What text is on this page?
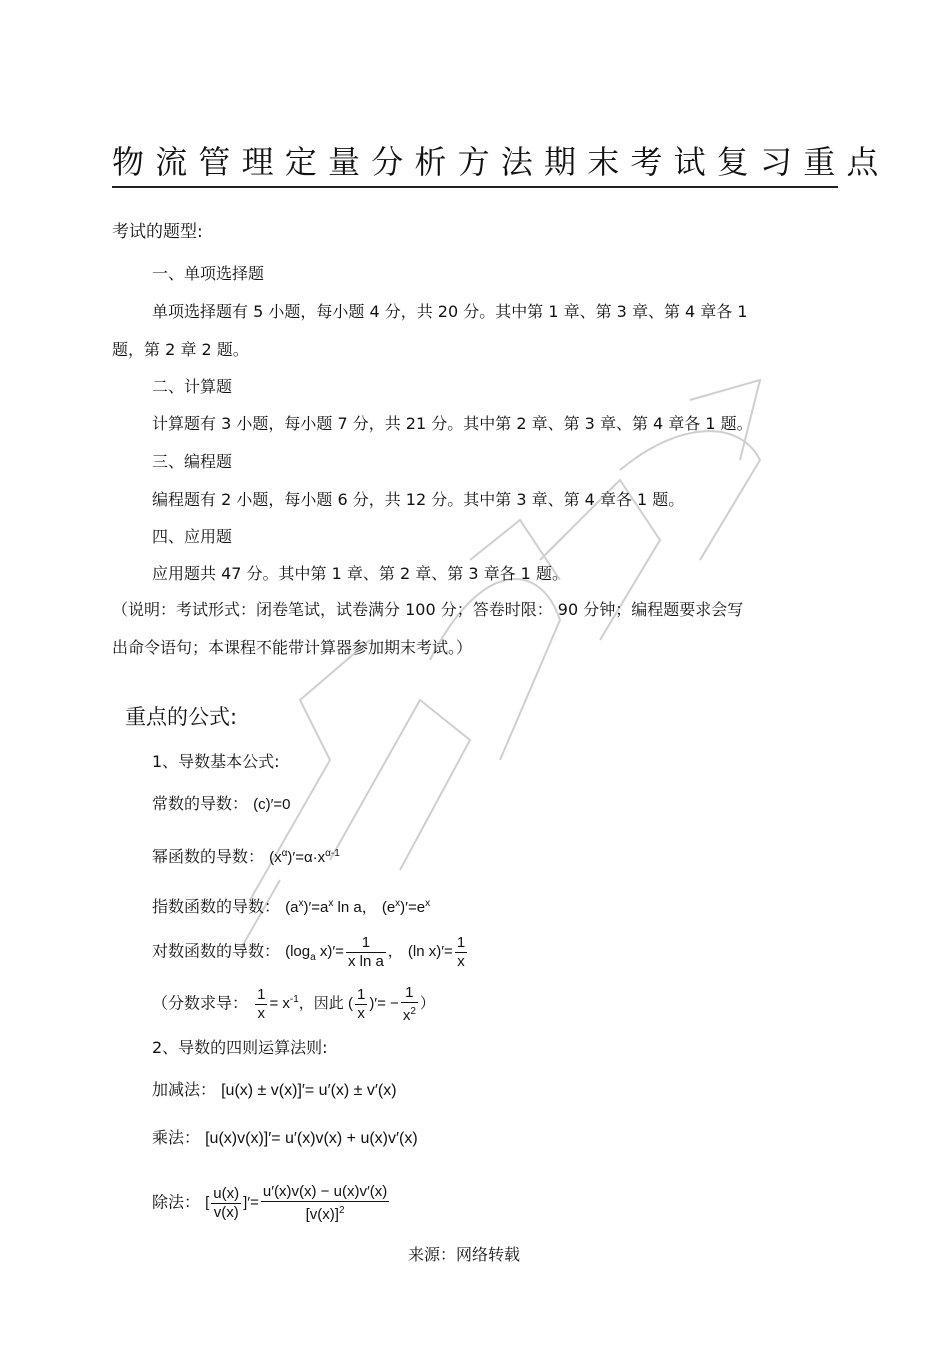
物流管理定量分析方法期末考试复习重点
考试的题型:
一、单项选择题
单项选择题有 5 小题，每小题 4 分，共 20 分。其中第 1 章、第 3 章、第 4 章各 1
题，第 2 章 2 题。
二、计算题
计算题有 3 小题，每小题 7 分，共 21 分。其中第 2 章、第 3 章、第 4 章各 1 题。
三、编程题
编程题有 2 小题，每小题 6 分，共 12 分。其中第 3 章、第 4 章各 1 题。
四、应用题
应用题共 47 分。其中第 1 章、第 2 章、第 3 章各 1 题。
（说明：考试形式：闭卷笔试，试卷满分 100 分；答卷时限： 90 分钟；编程题要求会写
出命令语句；本课程不能带计算器参加期末考试。）
重点的公式:
1、导数基本公式:
常数的导数： (c)′=0
幂函数的导数： $(x^\alpha)'=\alpha\cdot x^{\alpha-1}$
指数函数的导数： $(a^x)'=a^x$ ln a， $(e^x)'=e^x$
对数函数的导数： ($\log_a$ $x)'= \frac{1}{\text{x ln a}}$ ， (ln $x)'= \frac{1}{x}$
（分数求导： $\frac{1}{x} = x^{-1}$，因此 ( $\frac{1}{x}$ )′= − $\frac{1}{x^2}$ ）
2、导数的四则运算法则:
加减法： [u(x) ± v(x)]′= u′(x) ± v′(x)
乘法： [u(x)v(x)]′= u′(x)v(x) + u(x)v′(x)
除法： [ $\frac{u(x)}{v(x)}$ ]′= $\frac{u'(x)v(x) - u(x)v'(x)}{[v(x)]^2}$
来源：网络转载
